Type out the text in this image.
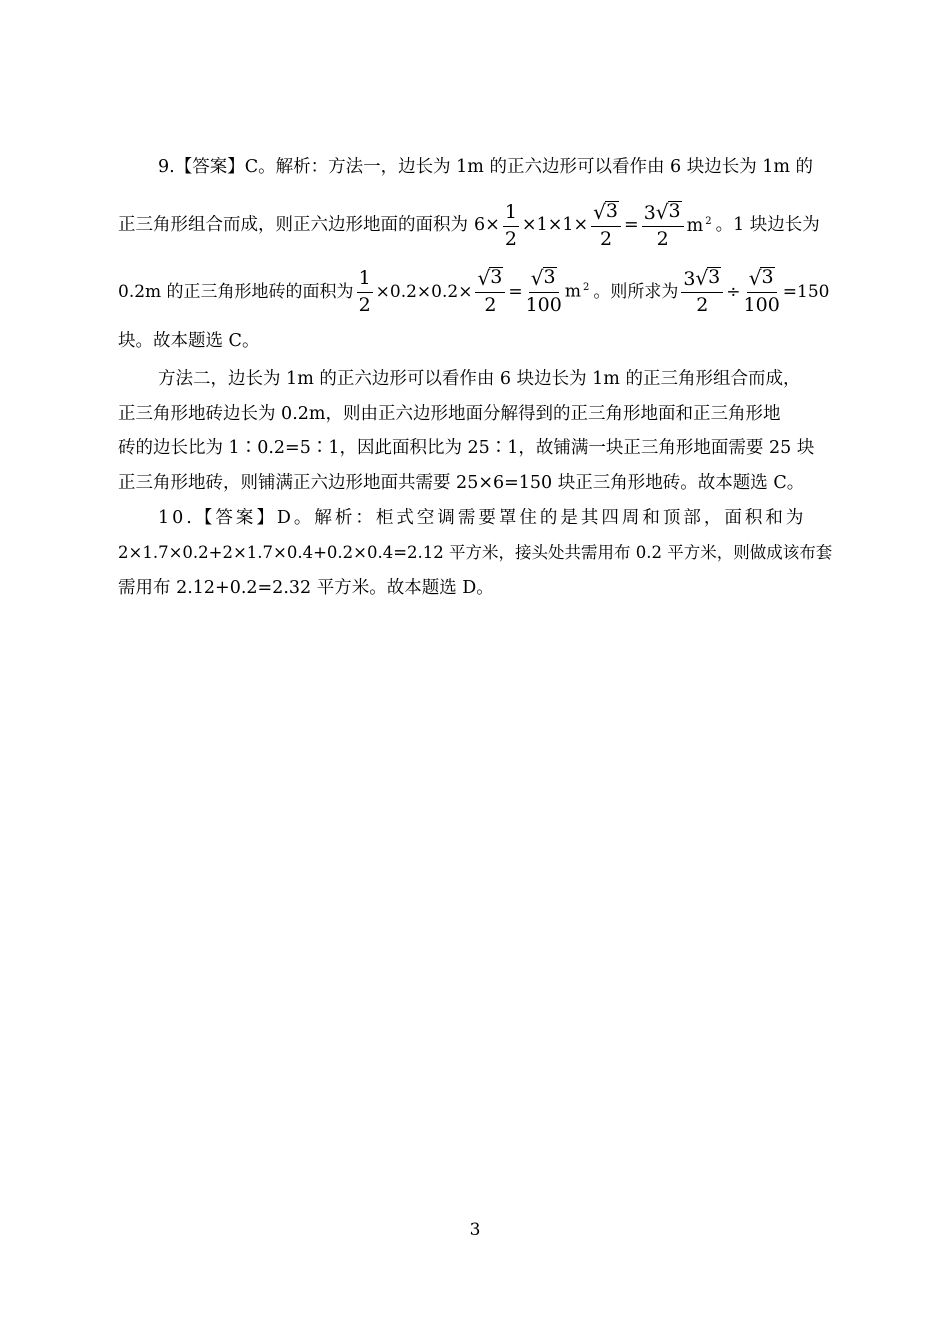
9.【答案】C。解析：方法一，边长为 1m 的正六边形可以看作由 6 块边长为 1m 的
正三角形组合而成，则正六边形地面的面积为 $6\times \frac{1}{2} \times 1\times 1\times \frac{√ 3}{2} = \frac{3 √ 3}{2}$ m $^2$ 。1 块边长为
0.2m 的正三角形地砖的面积为 $\frac{1}{2} \times 0.2\times 0.2\times \frac{√ 3}{2} = \frac{√ 3}{100}$ m $^2$ 。则所求为 $\frac{3 √ 3}{2} \div \frac{√ 3}{100} =150$
块。故本题选 C。
方法二，边长为 1m 的正六边形可以看作由 6 块边长为 1m 的正三角形组合而成，
正三角形地砖边长为 0.2m，则由正六边形地面分解得到的正三角形地面和正三角形地
砖的边长比为 1∶0.2=5∶1，因此面积比为 25∶1，故铺满一块正三角形地面需要 25 块
正三角形地砖，则铺满正六边形地面共需要 25×6=150 块正三角形地砖。故本题选 C。
10.【答案】D。解析：柜式空调需要罩住的是其四周和顶部，面积和为
2×1.7×0.2+2×1.7×0.4+0.2×0.4=2.12 平方米，接头处共需用布 0.2 平方米，则做成该布套
需用布 2.12+0.2=2.32 平方米。故本题选 D。
3
